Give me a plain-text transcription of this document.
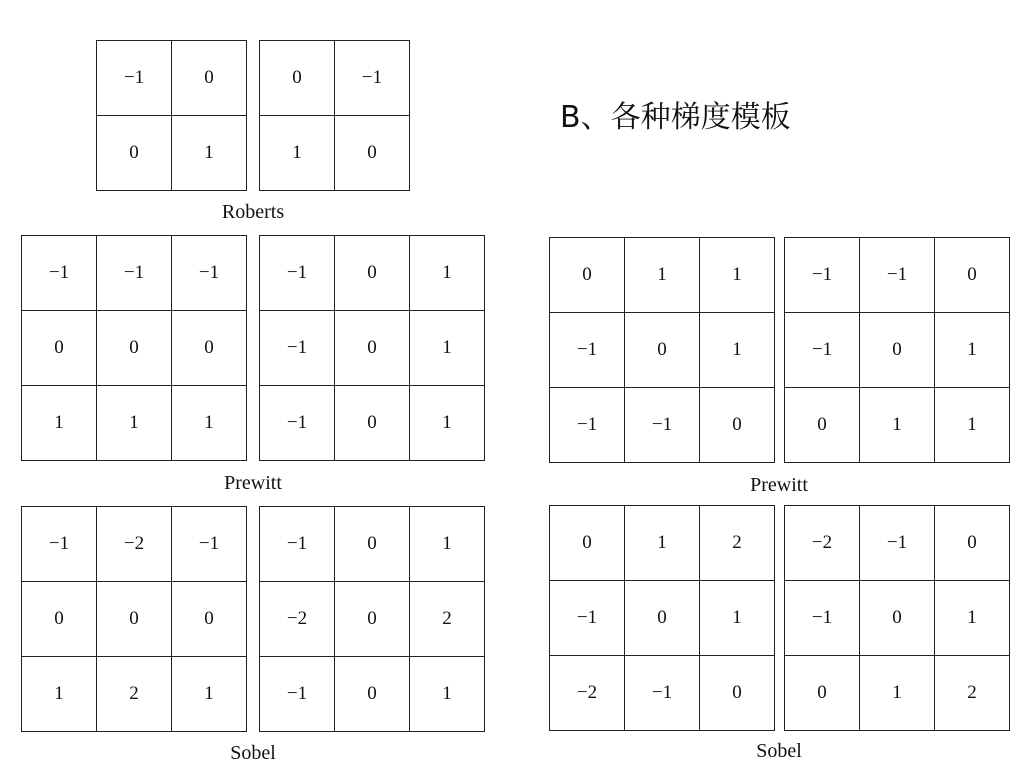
B、各种梯度模板
−1	0
0	1
0	−1
1	0
Roberts
−1	−1	−1
0	0	0
1	1	1
−1	0	1
−1	0	1
−1	0	1
Prewitt
−1	−2	−1
0	0	0
1	2	1
−1	0	1
−2	0	2
−1	0	1
Sobel
0	1	1
−1	0	1
−1	−1	0
−1	−1	0
−1	0	1
0	1	1
Prewitt
0	1	2
−1	0	1
−2	−1	0
−2	−1	0
−1	0	1
0	1	2
Sobel
